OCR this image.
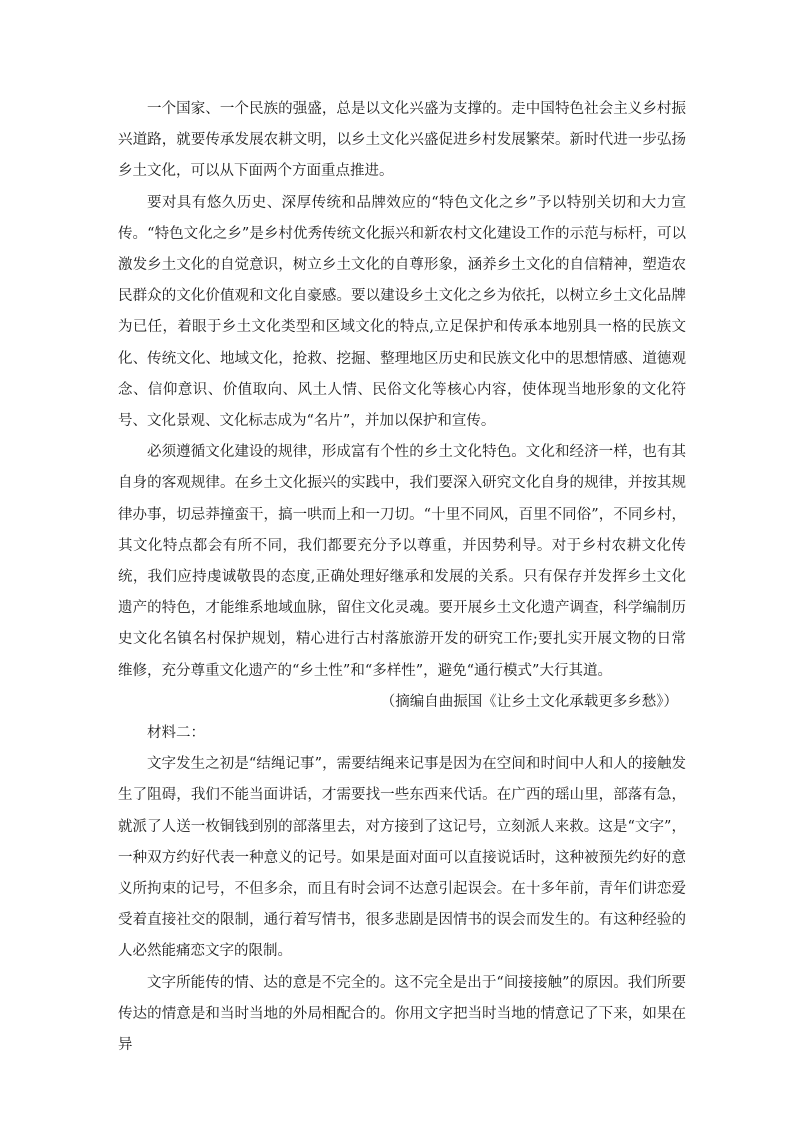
一个国家、一个民族的强盛，总是以文化兴盛为支撑的。走中国特色社会主义乡村振兴道路，就要传承发展农耕文明，以乡土文化兴盛促进乡村发展繁荣。新时代进一步弘扬乡土文化，可以从下面两个方面重点推进。

要对具有悠久历史、深厚传统和品牌效应的“特色文化之乡”予以特别关切和大力宣传。“特色文化之乡”是乡村优秀传统文化振兴和新农村文化建设工作的示范与标杆，可以激发乡土文化的自觉意识，树立乡土文化的自尊形象，涵养乡土文化的自信精神，塑造农民群众的文化价值观和文化自豪感。要以建设乡土文化之乡为依托，以树立乡土文化品牌为已任，着眼于乡土文化类型和区域文化的特点,立足保护和传承本地别具一格的民族文化、传统文化、地域文化，抢救、挖掘、整理地区历史和民族文化中的思想情感、道德观念、信仰意识、价值取向、风土人情、民俗文化等核心内容，使体现当地形象的文化符号、文化景观、文化标志成为“名片”，并加以保护和宣传。

必须遵循文化建设的规律，形成富有个性的乡土文化特色。文化和经济一样，也有其自身的客观规律。在乡土文化振兴的实践中，我们要深入研究文化自身的规律，并按其规律办事，切忌莽撞蛮干，搞一哄而上和一刀切。“十里不同风，百里不同俗”，不同乡村，其文化特点都会有所不同，我们都要充分予以尊重，并因势利导。对于乡村农耕文化传统，我们应持虔诚敬畏的态度,正确处理好继承和发展的关系。只有保存并发挥乡土文化遗产的特色，才能维系地域血脉，留住文化灵魂。要开展乡土文化遗产调查，科学编制历史文化名镇名村保护规划，精心进行古村落旅游开发的研究工作;要扎实开展文物的日常维修，充分尊重文化遗产的“乡土性”和“多样性”，避免“通行模式”大行其道。

（摘编自曲振国《让乡土文化承载更多乡愁》）

材料二：

文字发生之初是“结绳记事”，需要结绳来记事是因为在空间和时间中人和人的接触发生了阻碍，我们不能当面讲话，才需要找一些东西来代话。在广西的瑶山里，部落有急，就派了人送一枚铜钱到别的部落里去，对方接到了这记号，立刻派人来救。这是“文字”，一种双方约好代表一种意义的记号。如果是面对面可以直接说话时，这种被预先约好的意义所拘束的记号，不但多余，而且有时会词不达意引起误会。在十多年前，青年们讲恋爱受着直接社交的限制，通行着写情书，很多悲剧是因情书的误会而发生的。有这种经验的人必然能痛恋文字的限制。

文字所能传的情、达的意是不完全的。这不完全是出于“间接接触”的原因。我们所要传达的情意是和当时当地的外局相配合的。你用文字把当时当地的情意记了下来，如果在异
